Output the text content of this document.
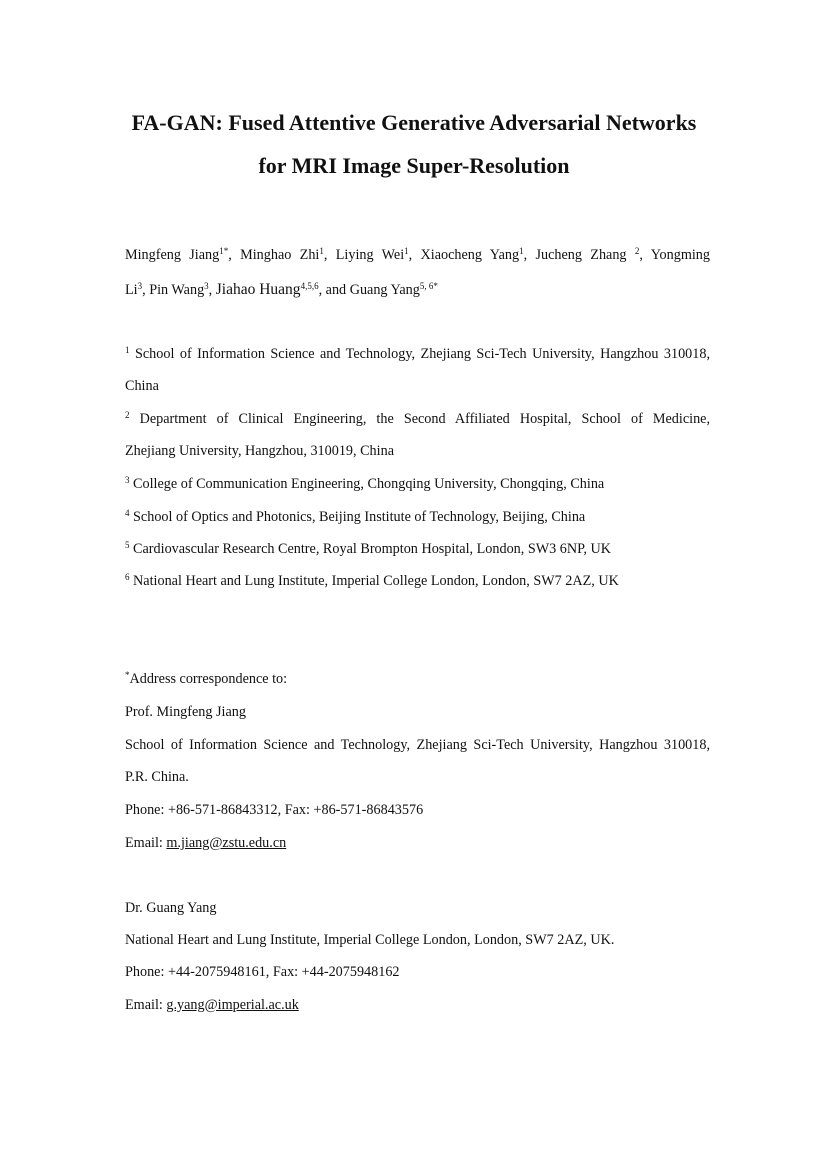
FA-GAN: Fused Attentive Generative Adversarial Networks
for MRI Image Super-Resolution

Mingfeng Jiang$^{1*}$, Minghao Zhi$^1$, Liying Wei$^1$, Xiaocheng Yang$^1$, Jucheng Zhang $^2$, Yongming

Li$^3$, Pin Wang$^3$, Jiahao Huang$^{4,5,6}$, and Guang Yang$^{5, 6*}$

$^1$ School of Information Science and Technology, Zhejiang Sci-Tech University, Hangzhou 310018,

China

$^2$ Department of Clinical Engineering, the Second Affiliated Hospital, School of Medicine,

Zhejiang University, Hangzhou, 310019, China

$^3$ College of Communication Engineering, Chongqing University, Chongqing, China

$^4$ School of Optics and Photonics, Beijing Institute of Technology, Beijing, China

$^5$ Cardiovascular Research Centre, Royal Brompton Hospital, London, SW3 6NP, UK

$^6$ National Heart and Lung Institute, Imperial College London, London, SW7 2AZ, UK

*Address correspondence to:

Prof. Mingfeng Jiang

School of Information Science and Technology, Zhejiang Sci-Tech University, Hangzhou 310018,

P.R. China.

Phone: +86-571-86843312, Fax: +86-571-86843576

Email: m.jiang@zstu.edu.cn

Dr. Guang Yang

National Heart and Lung Institute, Imperial College London, London, SW7 2AZ, UK.

Phone: +44-2075948161, Fax: +44-2075948162

Email: g.yang@imperial.ac.uk
